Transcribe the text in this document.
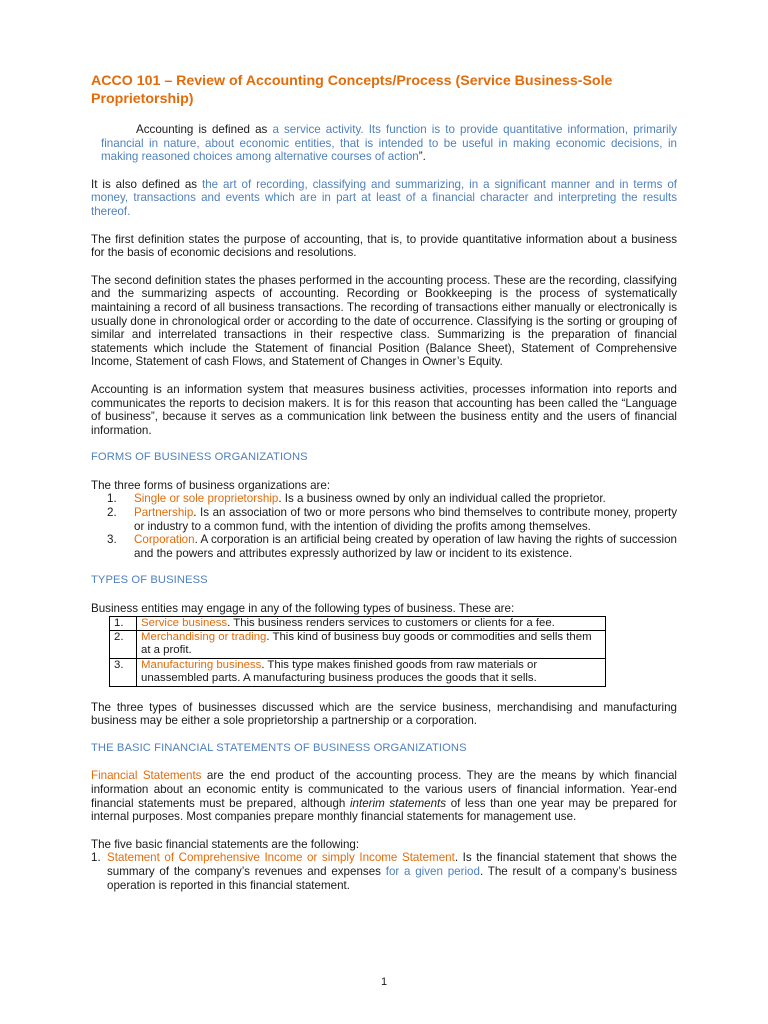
ACCO 101 – Review of Accounting Concepts/Process (Service Business-Sole Proprietorship)

Accounting is defined as a service activity. Its function is to provide quantitative information, primarily financial in nature, about economic entities, that is intended to be useful in making economic decisions, in making reasoned choices among alternative courses of action”.

It is also defined as the art of recording, classifying and summarizing, in a significant manner and in terms of money, transactions and events which are in part at least of a financial character and interpreting the results thereof.

The first definition states the purpose of accounting, that is, to provide quantitative information about a business for the basis of economic decisions and resolutions.

The second definition states the phases performed in the accounting process. These are the recording, classifying and the summarizing aspects of accounting. Recording or Bookkeeping is the process of systematically maintaining a record of all business transactions. The recording of transactions either manually or electronically is usually done in chronological order or according to the date of occurrence. Classifying is the sorting or grouping of similar and interrelated transactions in their respective class. Summarizing is the preparation of financial statements which include the Statement of financial Position (Balance Sheet), Statement of Comprehensive Income, Statement of cash Flows, and Statement of Changes in Owner’s Equity.

Accounting is an information system that measures business activities, processes information into reports and communicates the reports to decision makers. It is for this reason that accounting has been called the “Language of business”, because it serves as a communication link between the business entity and the users of financial information.

FORMS OF BUSINESS ORGANIZATIONS
The three forms of business organizations are:
1.	Single or sole proprietorship. Is a business owned by only an individual called the proprietor.
2.	Partnership. Is an association of two or more persons who bind themselves to contribute money, property or industry to a common fund, with the intention of dividing the profits among themselves.
3.	Corporation. A corporation is an artificial being created by operation of law having the rights of succession and the powers and attributes expressly authorized by law or incident to its existence.
TYPES OF BUSINESS
Business entities may engage in any of the following types of business. These are:
1.	Service business. This business renders services to customers or clients for a fee.
2.	Merchandising or trading. This kind of business buy goods or commodities and sells them at a profit.
3.	Manufacturing business. This type makes finished goods from raw materials or unassembled parts. A manufacturing business produces the goods that it sells.

The three types of businesses discussed which are the service business, merchandising and manufacturing business may be either a sole proprietorship a partnership or a corporation.

THE BASIC FINANCIAL STATEMENTS OF BUSINESS ORGANIZATIONS

Financial Statements are the end product of the accounting process. They are the means by which financial information about an economic entity is communicated to the various users of financial information. Year-end financial statements must be prepared, although interim statements of less than one year may be prepared for internal purposes. Most companies prepare monthly financial statements for management use.

The five basic financial statements are the following:
1. Statement of Comprehensive Income or simply Income Statement. Is the financial statement that shows the summary of the company’s revenues and expenses for a given period. The result of a company’s business operation is reported in this financial statement.
1
